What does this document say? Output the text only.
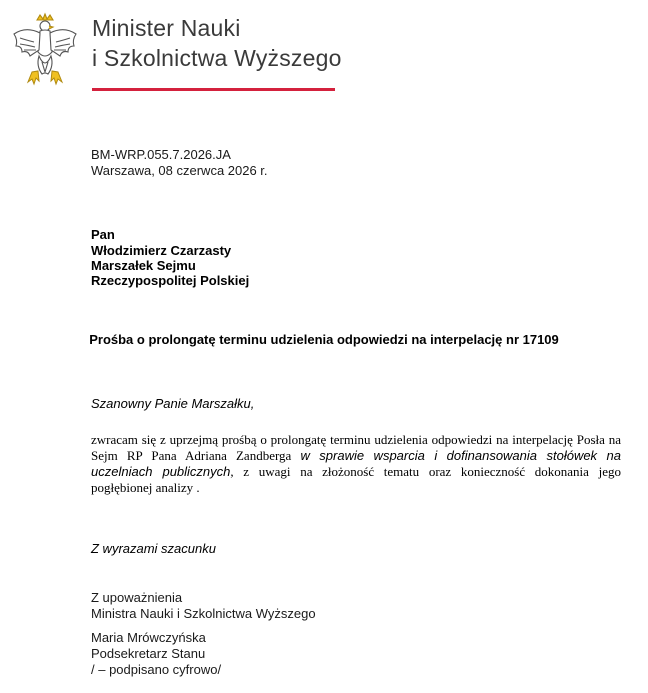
Minister Nauki
i Szkolnictwa Wyższego
BM-WRP.055.7.2026.JA
Warszawa, 08 czerwca 2026 r.
Pan
Włodzimierz Czarzasty
Marszałek Sejmu
Rzeczypospolitej Polskiej
Prośba o prolongatę terminu udzielenia odpowiedzi na interpelację nr 17109
Szanowny Panie Marszałku,
zwracam się z uprzejmą prośbą o prolongatę terminu udzielenia odpowiedzi na interpelację Posła na Sejm RP Pana Adriana Zandberga w sprawie wsparcia i dofinansowania stołówek na uczelniach publicznych, z uwagi na złożoność tematu oraz konieczność dokonania jego pogłębionej analizy .
Z wyrazami szacunku
Z upoważnienia
Ministra Nauki i Szkolnictwa Wyższego
Maria Mrówczyńska
Podsekretarz Stanu
/ – podpisano cyfrowo/
